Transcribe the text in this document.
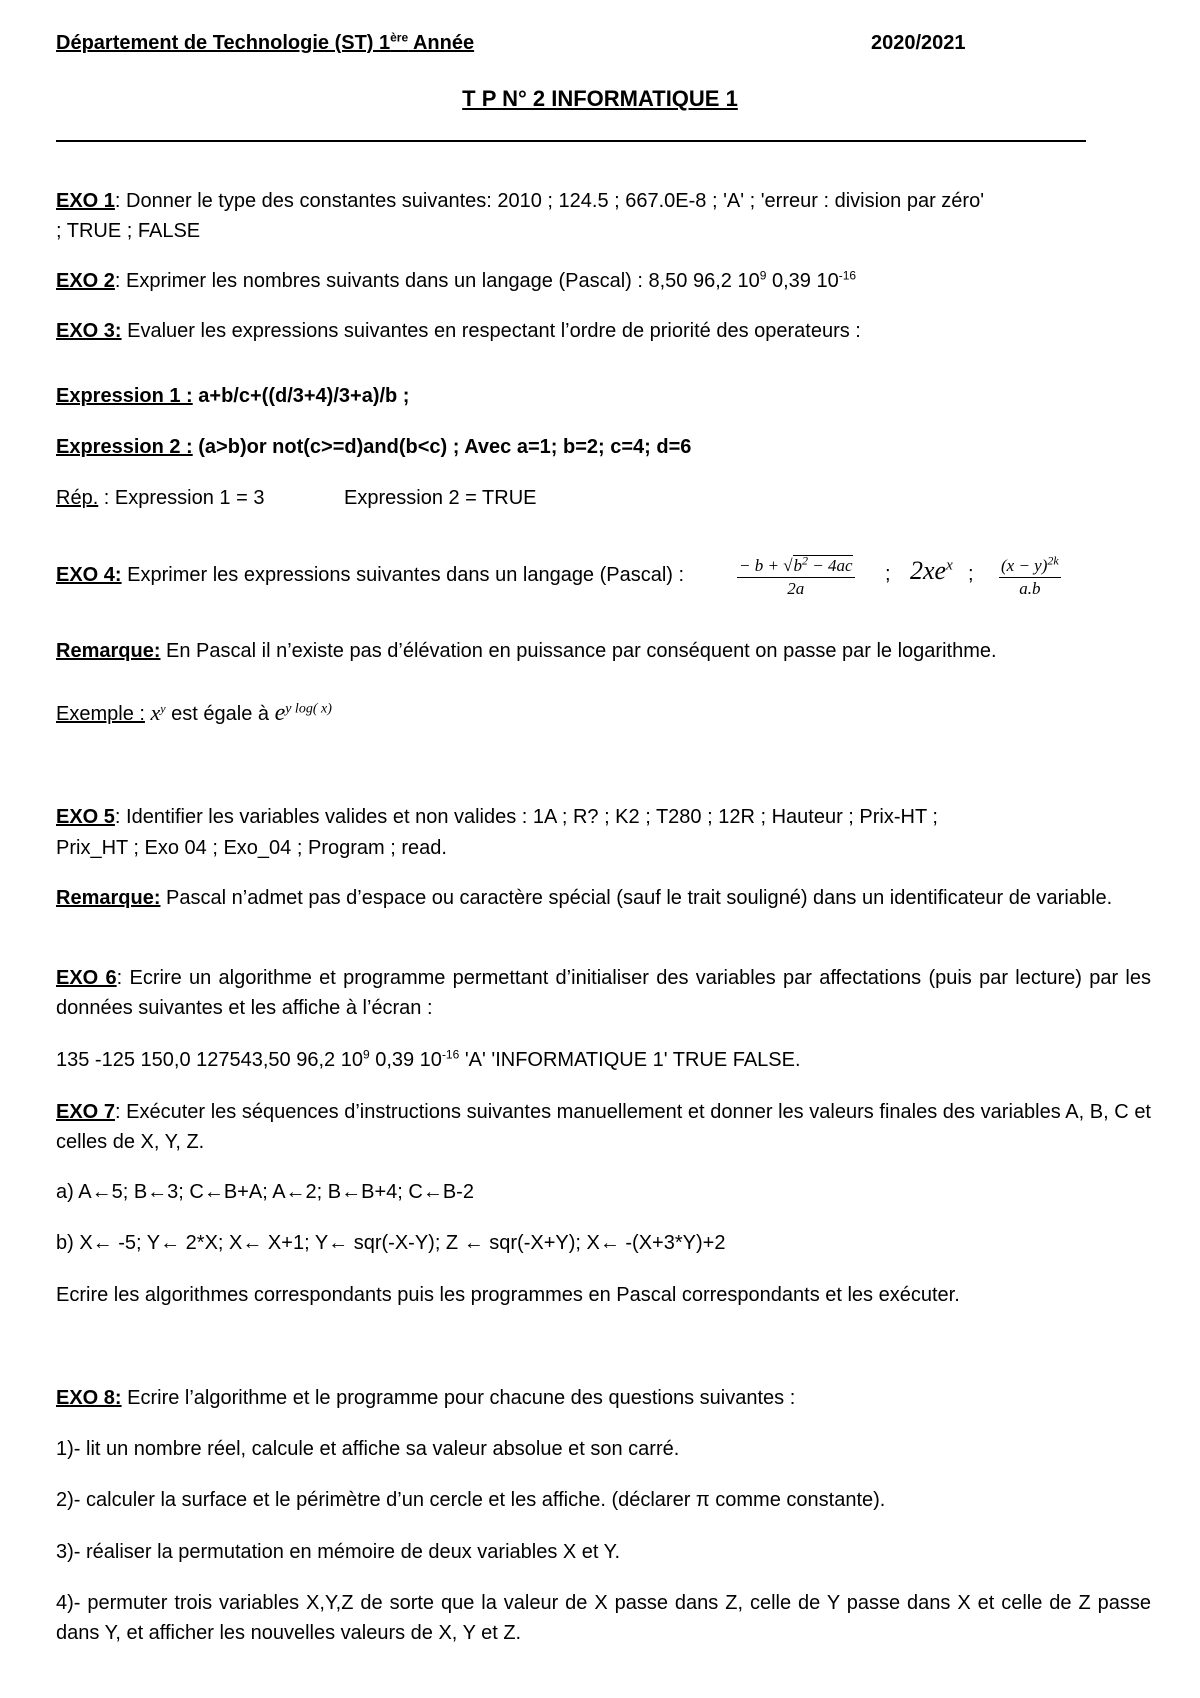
Département de Technologie (ST) 1ère Année	2020/2021
T P N° 2 INFORMATIQUE 1
EXO 1: Donner le type des constantes suivantes: 2010 ; 124.5 ; 667.0E-8 ; 'A' ; 'erreur : division par zéro'
; TRUE ; FALSE
EXO 2: Exprimer les nombres suivants dans un langage (Pascal) : 8,50 96,2 $10^9$ 0,39 $10^{-16}$
EXO 3: Evaluer les expressions suivantes en respectant l’ordre de priorité des operateurs :
Expression 1 : a+b/c+((d/3+4)/3+a)/b ;
Expression 2 : (a>b)or not(c>=d)and(b<c) ; Avec a=1; b=2; c=4; d=6
Rép. : Expression 1 = 3	Expression 2 = TRUE
EXO 4: Exprimer les expressions suivantes dans un langage (Pascal) :	$\frac{- b + √b^2 - 4ac}{2a}$ ; $2xe^x$ ; $\frac{(x - y)^{2k}}{a.b}$
Remarque: En Pascal il n’existe pas d’élévation en puissance par conséquent on passe par le logarithme.
Exemple : $x^y$ est égale à $e^{y log( x)}$
EXO 5: Identifier les variables valides et non valides : 1A ; R? ; K2 ; T280 ; 12R ; Hauteur ; Prix-HT ;
Prix_HT ; Exo 04 ; Exo_04 ; Program ; read.
Remarque: Pascal n’admet pas d’espace ou caractère spécial (sauf le trait souligné) dans un identificateur de variable.
EXO 6: Ecrire un algorithme et programme permettant d’initialiser des variables par affectations (puis par lecture) par les données suivantes et les affiche à l’écran :
135 -125 150,0 127543,50 96,2 $10^9$ 0,39 $10^{-16}$ 'A' 'INFORMATIQUE 1' TRUE FALSE.
EXO 7: Exécuter les séquences d’instructions suivantes manuellement et donner les valeurs finales des variables A, B, C et celles de X, Y, Z.
a) A←5; B←3; C←B+A; A←2; B←B+4; C←B-2
b) X← -5; Y← 2*X; X← X+1; Y← sqr(-X-Y); Z ← sqr(-X+Y); X← -(X+3*Y)+2
Ecrire les algorithmes correspondants puis les programmes en Pascal correspondants et les exécuter.
EXO 8: Ecrire l’algorithme et le programme pour chacune des questions suivantes :
1)- lit un nombre réel, calcule et affiche sa valeur absolue et son carré.
2)- calculer la surface et le périmètre d’un cercle et les affiche. (déclarer π comme constante).
3)- réaliser la permutation en mémoire de deux variables X et Y.
4)- permuter trois variables X,Y,Z de sorte que la valeur de X passe dans Z, celle de Y passe dans X et celle de Z passe dans Y, et afficher les nouvelles valeurs de X, Y et Z.
